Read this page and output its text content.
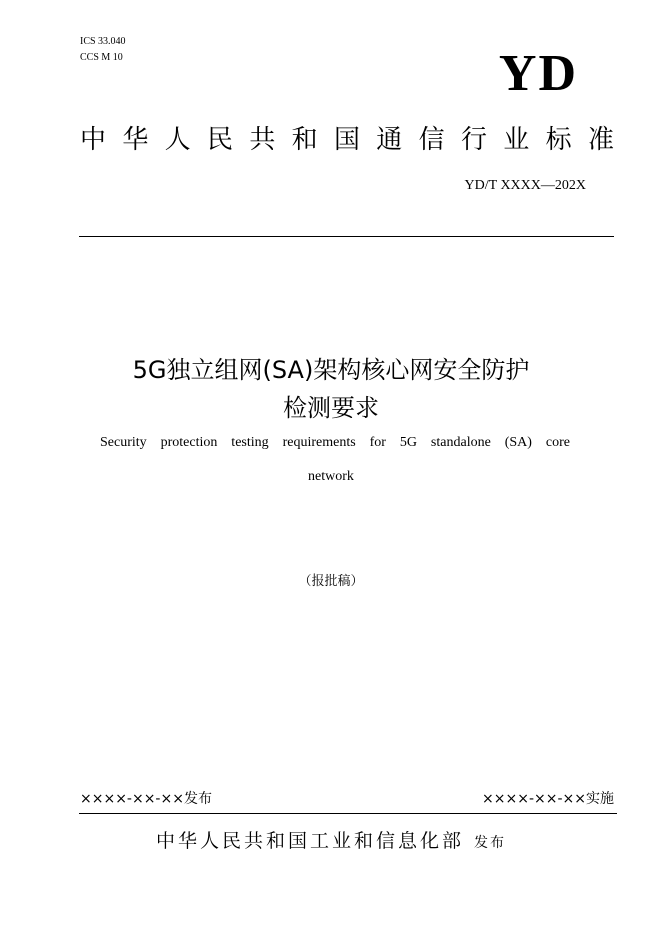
ICS 33.040
CCS M 10	YD
中 华 人 民 共 和 国 通 信 行 业 标 准
YD/T XXXX—202X
5G独立组网(SA)架构核心网安全防护
检测要求
Security protection testing requirements for 5G standalone (SA) core
network
（报批稿）
××××-××-××发布	××××-××-××实施
中华人民共和国工业和信息化部 发布
